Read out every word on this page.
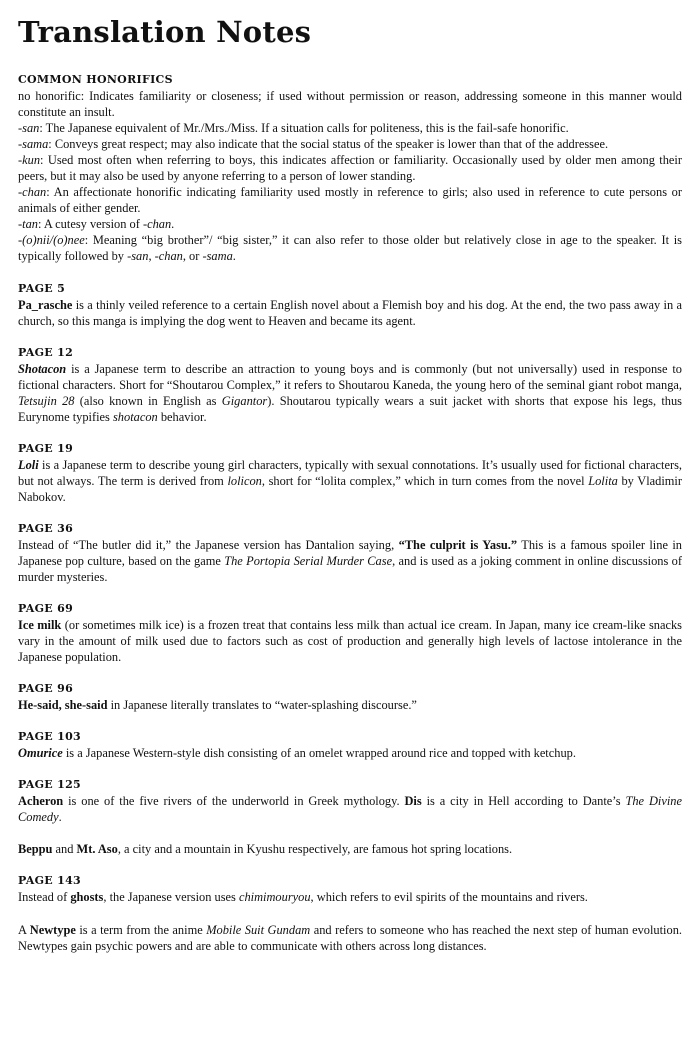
Translation Notes
COMMON HONORIFICS

no honorific: Indicates familiarity or closeness; if used without permission or reason, addressing someone in this manner would constitute an insult.

-san: The Japanese equivalent of Mr./Mrs./Miss. If a situation calls for politeness, this is the fail-safe honorific.

-sama: Conveys great respect; may also indicate that the social status of the speaker is lower than that of the addressee.

-kun: Used most often when referring to boys, this indicates affection or familiarity. Occasionally used by older men among their peers, but it may also be used by anyone referring to a person of lower standing.

-chan: An affectionate honorific indicating familiarity used mostly in reference to girls; also used in reference to cute persons or animals of either gender.

-tan: A cutesy version of -chan.

-(o)nii/(o)nee: Meaning “big brother”/ “big sister,” it can also refer to those older but relatively close in age to the speaker. It is typically followed by -san, -chan, or -sama.

PAGE 5

Pa_rasche is a thinly veiled reference to a certain English novel about a Flemish boy and his dog. At the end, the two pass away in a church, so this manga is implying the dog went to Heaven and became its agent.

PAGE 12

Shotacon is a Japanese term to describe an attraction to young boys and is commonly (but not universally) used in response to fictional characters. Short for “Shoutarou Complex,” it refers to Shoutarou Kaneda, the young hero of the seminal giant robot manga, Tetsujin 28 (also known in English as Gigantor). Shoutarou typically wears a suit jacket with shorts that expose his legs, thus Eurynome typifies shotacon behavior.

PAGE 19

Loli is a Japanese term to describe young girl characters, typically with sexual connotations. It’s usually used for fictional characters, but not always. The term is derived from lolicon, short for “lolita complex,” which in turn comes from the novel Lolita by Vladimir Nabokov.

PAGE 36

Instead of “The butler did it,” the Japanese version has Dantalion saying, “The culprit is Yasu.” This is a famous spoiler line in Japanese pop culture, based on the game The Portopia Serial Murder Case, and is used as a joking comment in online discussions of murder mysteries.

PAGE 69

Ice milk (or sometimes milk ice) is a frozen treat that contains less milk than actual ice cream. In Japan, many ice cream-like snacks vary in the amount of milk used due to factors such as cost of production and generally high levels of lactose intolerance in the Japanese population.

PAGE 96

He-said, she-said in Japanese literally translates to “water-splashing discourse.”

PAGE 103

Omurice is a Japanese Western-style dish consisting of an omelet wrapped around rice and topped with ketchup.

PAGE 125

Acheron is one of the five rivers of the underworld in Greek mythology. Dis is a city in Hell according to Dante’s The Divine Comedy.

Beppu and Mt. Aso, a city and a mountain in Kyushu respectively, are famous hot spring locations.

PAGE 143

Instead of ghosts, the Japanese version uses chimimouryou, which refers to evil spirits of the mountains and rivers.

A Newtype is a term from the anime Mobile Suit Gundam and refers to someone who has reached the next step of human evolution. Newtypes gain psychic powers and are able to communicate with others across long distances.
